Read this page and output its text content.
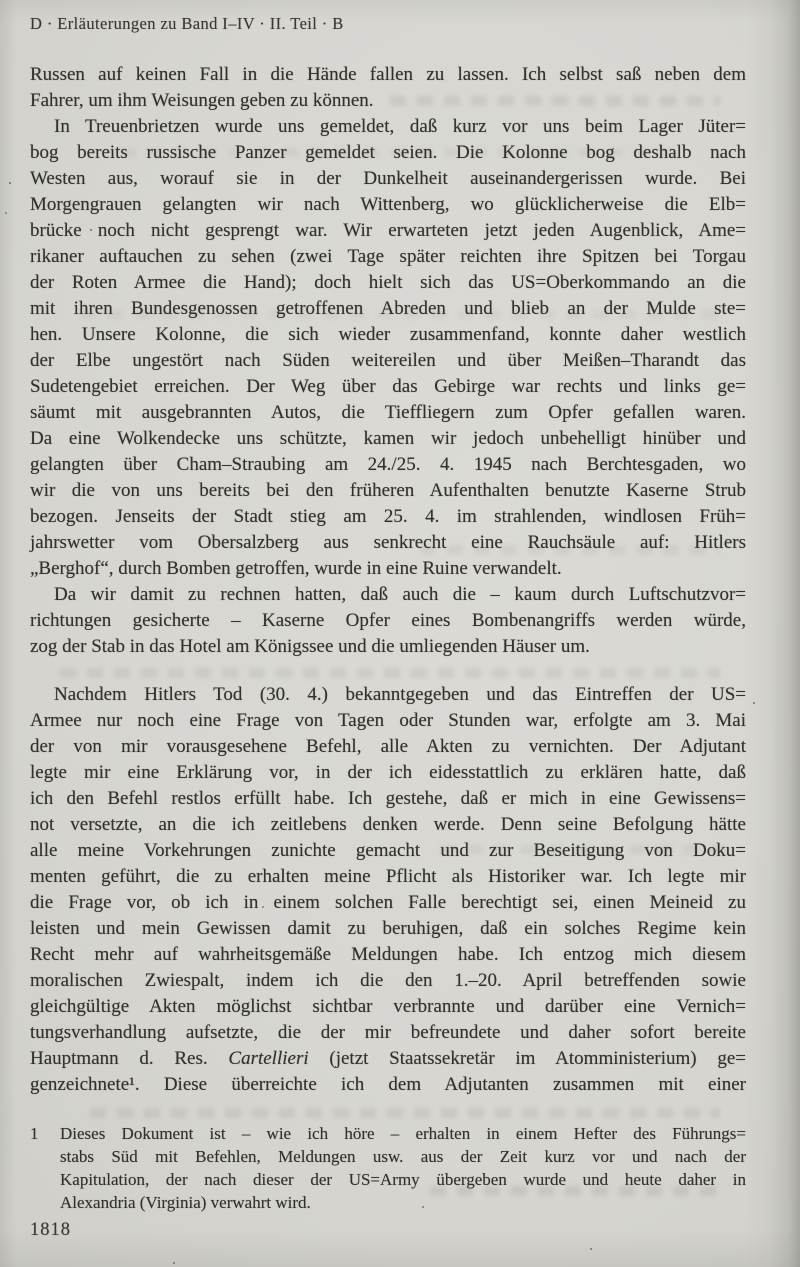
D · Erläuterungen zu Band I–IV · II. Teil · B
Russen auf keinen Fall in die Hände fallen zu lassen. Ich selbst saß neben dem
Fahrer, um ihm Weisungen geben zu können.
In Treuenbrietzen wurde uns gemeldet, daß kurz vor uns beim Lager Jüter=
bog bereits russische Panzer gemeldet seien. Die Kolonne bog deshalb nach
Westen aus, worauf sie in der Dunkelheit auseinandergerissen wurde. Bei
Morgengrauen gelangten wir nach Wittenberg, wo glücklicherweise die Elb=
brücke noch nicht gesprengt war. Wir erwarteten jetzt jeden Augenblick, Ame=
rikaner auftauchen zu sehen (zwei Tage später reichten ihre Spitzen bei Torgau
der Roten Armee die Hand); doch hielt sich das US=Oberkommando an die
mit ihren Bundesgenossen getroffenen Abreden und blieb an der Mulde ste=
hen. Unsere Kolonne, die sich wieder zusammenfand, konnte daher westlich
der Elbe ungestört nach Süden weitereilen und über Meißen–Tharandt das
Sudetengebiet erreichen. Der Weg über das Gebirge war rechts und links ge=
säumt mit ausgebrannten Autos, die Tieffliegern zum Opfer gefallen waren.
Da eine Wolkendecke uns schützte, kamen wir jedoch unbehelligt hinüber und
gelangten über Cham–Straubing am 24./25. 4. 1945 nach Berchtesgaden, wo
wir die von uns bereits bei den früheren Aufenthalten benutzte Kaserne Strub
bezogen. Jenseits der Stadt stieg am 25. 4. im strahlenden, windlosen Früh=
jahrswetter vom Obersalzberg aus senkrecht eine Rauchsäule auf: Hitlers
„Berghof“, durch Bomben getroffen, wurde in eine Ruine verwandelt.
Da wir damit zu rechnen hatten, daß auch die – kaum durch Luftschutzvor=
richtungen gesicherte – Kaserne Opfer eines Bombenangriffs werden würde,
zog der Stab in das Hotel am Königssee und die umliegenden Häuser um.
Nachdem Hitlers Tod (30. 4.) bekanntgegeben und das Eintreffen der US=
Armee nur noch eine Frage von Tagen oder Stunden war, erfolgte am 3. Mai
der von mir vorausgesehene Befehl, alle Akten zu vernichten. Der Adjutant
legte mir eine Erklärung vor, in der ich eidesstattlich zu erklären hatte, daß
ich den Befehl restlos erfüllt habe. Ich gestehe, daß er mich in eine Gewissens=
not versetzte, an die ich zeitlebens denken werde. Denn seine Befolgung hätte
alle meine Vorkehrungen zunichte gemacht und zur Beseitigung von Doku=
menten geführt, die zu erhalten meine Pflicht als Historiker war. Ich legte mir
die Frage vor, ob ich in einem solchen Falle berechtigt sei, einen Meineid zu
leisten und mein Gewissen damit zu beruhigen, daß ein solches Regime kein
Recht mehr auf wahrheitsgemäße Meldungen habe. Ich entzog mich diesem
moralischen Zwiespalt, indem ich die den 1.–20. April betreffenden sowie
gleichgültige Akten möglichst sichtbar verbrannte und darüber eine Vernich=
tungsverhandlung aufsetzte, die der mir befreundete und daher sofort bereite
Hauptmann d. Res. Cartellieri (jetzt Staatssekretär im Atomministerium) ge=
genzeichnete¹. Diese überreichte ich dem Adjutanten zusammen mit einer
1	Dieses Dokument ist – wie ich höre – erhalten in einem Hefter des Führungs=
stabs Süd mit Befehlen, Meldungen usw. aus der Zeit kurz vor und nach der
Kapitulation, der nach dieser der US=Army übergeben wurde und heute daher in
Alexandria (Virginia) verwahrt wird.
1818
